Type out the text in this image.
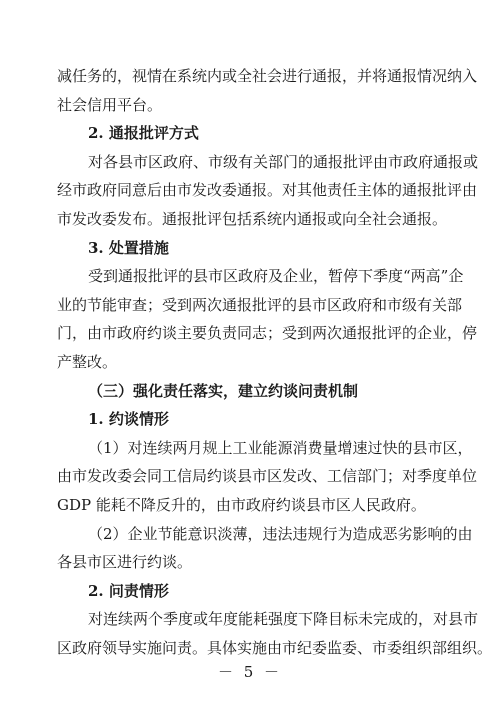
减任务的，视情在系统内或全社会进行通报，并将通报情况纳入
社会信用平台。
2. 通报批评方式
对各县市区政府、市级有关部门的通报批评由市政府通报或
经市政府同意后由市发改委通报。对其他责任主体的通报批评由
市发改委发布。通报批评包括系统内通报或向全社会通报。
3. 处置措施
受到通报批评的县市区政府及企业，暂停下季度“两高”企
业的节能审查；受到两次通报批评的县市区政府和市级有关部
门，由市政府约谈主要负责同志；受到两次通报批评的企业，停
产整改。
（三）强化责任落实，建立约谈问责机制
1. 约谈情形
（1）对连续两月规上工业能源消费量增速过快的县市区，
由市发改委会同工信局约谈县市区发改、工信部门；对季度单位
GDP 能耗不降反升的，由市政府约谈县市区人民政府。
（2）企业节能意识淡薄，违法违规行为造成恶劣影响的由
各县市区进行约谈。
2. 问责情形
对连续两个季度或年度能耗强度下降目标未完成的，对县市
区政府领导实施问责。具体实施由市纪委监委、市委组织部组织。
－ 5 －
